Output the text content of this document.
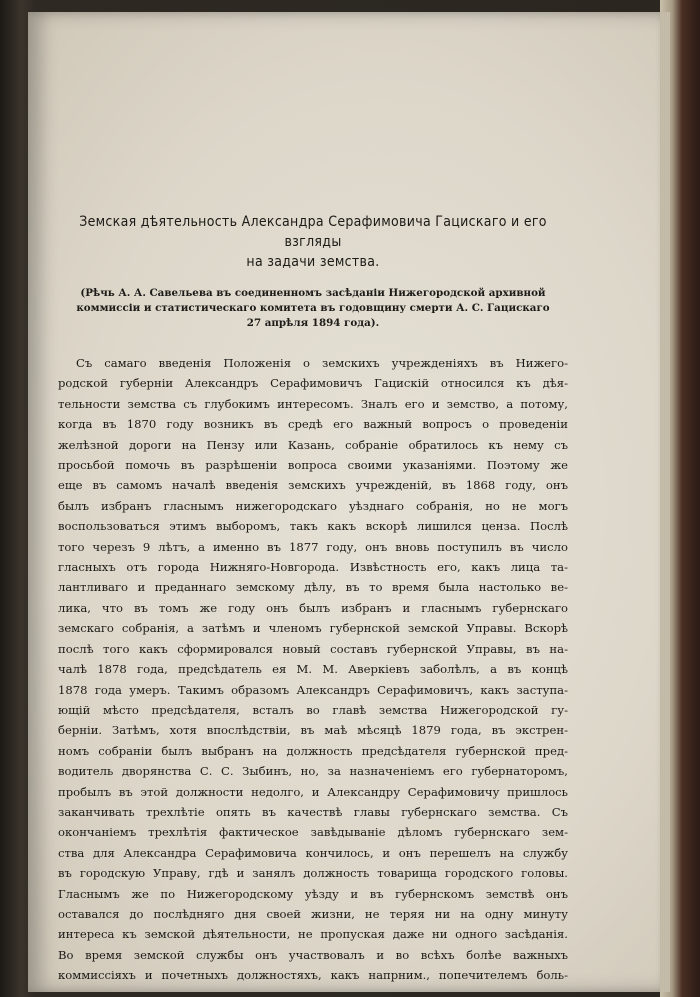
Земская дѣятельность Александра Серафимовича Гацискаго и его взгляды
на задачи земства.

(Рѣчь А. А. Савельева въ соединенномъ засѣданіи Нижегородской архивной
коммиссіи и статистическаго комитета въ годовщину смерти А. С. Гацискаго
27 апрѣля 1894 года).

Съ самаго введенія Положенія о земскихъ учрежденіяхъ въ Нижего-
родской губерніи Александръ Серафимовичъ Гацискій относился къ дѣя-
тельности земства съ глубокимъ интересомъ. Зналъ его и земство, а потому,
когда въ 1870 году возникъ въ средѣ его важный вопросъ о проведеніи
желѣзной дороги на Пензу или Казань, собраніе обратилось къ нему съ
просьбой помочь въ разрѣшеніи вопроса своими указаніями. Поэтому же
еще въ самомъ началѣ введенія земскихъ учрежденій, въ 1868 году, онъ
былъ избранъ гласнымъ нижегородскаго уѣзднаго собранія, но не могъ
воспользоваться этимъ выборомъ, такъ какъ вскорѣ лишился ценза. Послѣ
того черезъ 9 лѣтъ, а именно въ 1877 году, онъ вновь поступилъ въ число
гласныхъ отъ города Нижняго-Новгорода. Извѣстность его, какъ лица та-
лантливаго и преданнаго земскому дѣлу, въ то время была настолько ве-
лика, что въ томъ же году онъ былъ избранъ и гласнымъ губернскаго
земскаго собранія, а затѣмъ и членомъ губернской земской Управы. Вскорѣ
послѣ того какъ сформировался новый составъ губернской Управы, въ на-
чалѣ 1878 года, предсѣдатель ея М. М. Аверкіевъ заболѣлъ, а въ концѣ
1878 года умеръ. Такимъ образомъ Александръ Серафимовичъ, какъ заступа-
ющій мѣсто предсѣдателя, всталъ во главѣ земства Нижегородской гу-
берніи. Затѣмъ, хотя впослѣдствіи, въ маѣ мѣсяцѣ 1879 года, въ экстрен-
номъ собраніи былъ выбранъ на должность предсѣдателя губернской пред-
водитель дворянства С. С. Зыбинъ, но, за назначеніемъ его губернаторомъ,
пробылъ въ этой должности недолго, и Александру Серафимовичу пришлось
заканчивать трехлѣтіе опять въ качествѣ главы губернскаго земства. Съ
окончаніемъ трехлѣтія фактическое завѣдываніе дѣломъ губернскаго зем-
ства для Александра Серафимовича кончилось, и онъ перешелъ на службу
въ городскую Управу, гдѣ и занялъ должность товарища городского головы.
Гласнымъ же по Нижегородскому уѣзду и въ губернскомъ земствѣ онъ
оставался до послѣдняго дня своей жизни, не теряя ни на одну минуту
интереса къ земской дѣятельности, не пропуская даже ни одного засѣданія.
Во время земской службы онъ участвовалъ и во всѣхъ болѣе важныхъ
коммиссіяхъ и почетныхъ должностяхъ, какъ напрним., попечителемъ боль-
